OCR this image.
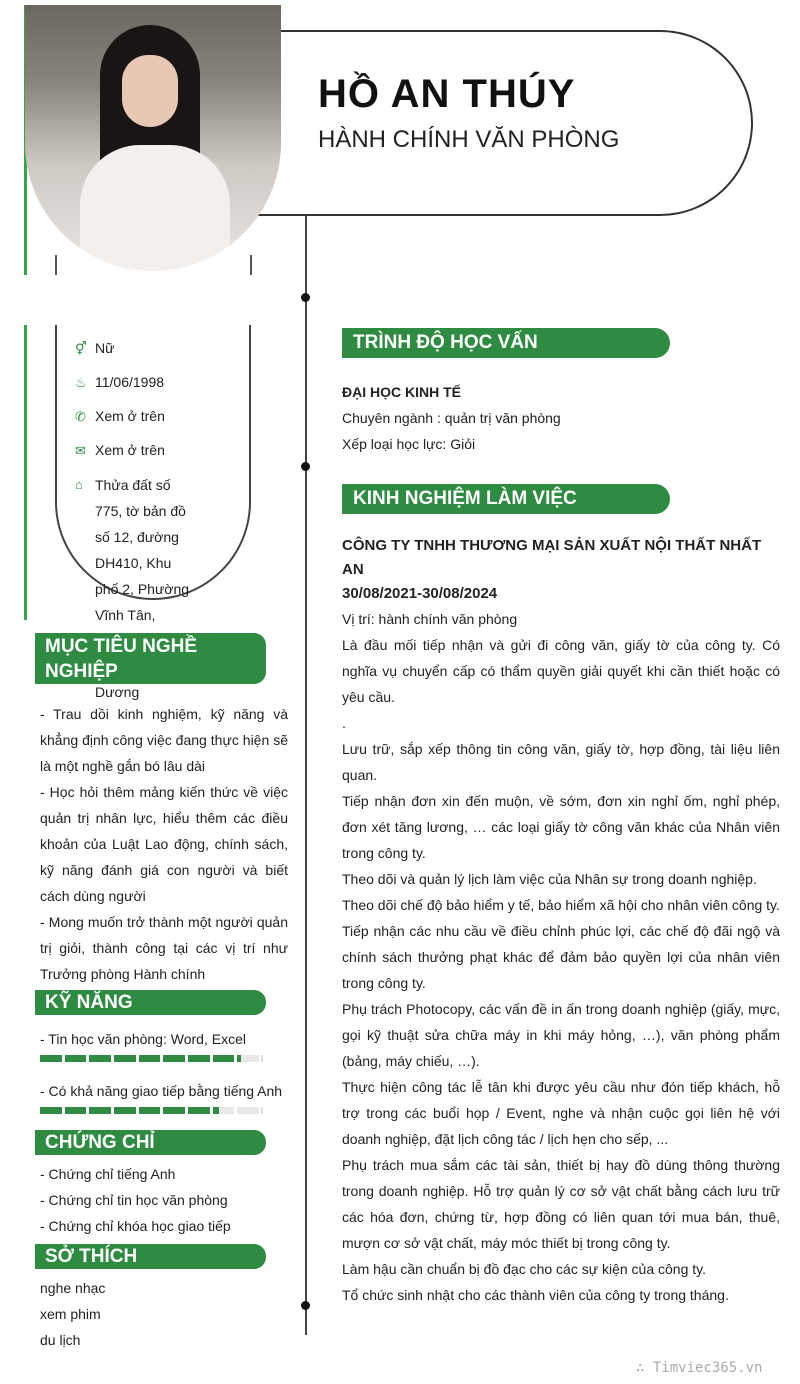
HỒ AN THÚY
HÀNH CHÍNH VĂN PHÒNG
⚥ Nữ
♨ 11/06/1998
✆ Xem ở trên
✉ Xem ở trên
⌂ Thửa đất số 775, tờ bản đồ số 12, đường DH410, Khu phố 2, Phường Vĩnh Tân,
Dương
MỤC TIÊU NGHỀ NGHIỆP
- Trau dồi kinh nghiệm, kỹ năng và khẳng định công việc đang thực hiện sẽ là một nghề gắn bó lâu dài
- Học hỏi thêm mảng kiến thức về việc quản trị nhân lực, hiểu thêm các điều khoản của Luật Lao động, chính sách, kỹ năng đánh giá con người và biết cách dùng người
- Mong muốn trở thành một người quản trị giỏi, thành công tại các vị trí như Trưởng phòng Hành chính
KỸ NĂNG
- Tin học văn phòng: Word, Excel
- Có khả năng giao tiếp bằng tiếng Anh
CHỨNG CHỈ
- Chứng chỉ tiếng Anh
- Chứng chỉ tin học văn phòng
- Chứng chỉ khóa học giao tiếp
SỞ THÍCH
nghe nhạc
xem phim
du lịch
TRÌNH ĐỘ HỌC VẤN
ĐẠI HỌC KINH TẾ
Chuyên ngành : quản trị văn phòng
Xếp loại học lực: Giỏi
KINH NGHIỆM LÀM VIỆC
CÔNG TY TNHH THƯƠNG MẠI SẢN XUẤT NỘI THẤT NHẤT AN
30/08/2021-30/08/2024
Vị trí: hành chính văn phòng
Là đầu mối tiếp nhận và gửi đi công văn, giấy tờ của công ty. Có nghĩa vụ chuyển cấp có thẩm quyền giải quyết khi cần thiết hoặc có yêu cầu.
.
Lưu trữ, sắp xếp thông tin công văn, giấy tờ, hợp đồng, tài liệu liên quan.
Tiếp nhận đơn xin đến muộn, về sớm, đơn xin nghỉ ốm, nghỉ phép, đơn xét tăng lương, … các loại giấy tờ công văn khác của Nhân viên trong công ty.
Theo dõi và quản lý lịch làm việc của Nhân sự trong doanh nghiệp.
Theo dõi chế độ bảo hiểm y tế, bảo hiểm xã hội cho nhân viên công ty.
Tiếp nhận các nhu cầu về điều chỉnh phúc lợi, các chế độ đãi ngộ và chính sách thưởng phạt khác để đảm bảo quyền lợi của nhân viên trong công ty.
Phụ trách Photocopy, các vấn đề in ấn trong doanh nghiệp (giấy, mực, gọi kỹ thuật sửa chữa máy in khi máy hỏng, …), văn phòng phẩm (bảng, máy chiếu, …).
Thực hiện công tác lễ tân khi được yêu cầu như đón tiếp khách, hỗ trợ trong các buổi họp / Event, nghe và nhận cuộc gọi liên hệ với doanh nghiệp, đặt lịch công tác / lịch hẹn cho sếp, ...
Phụ trách mua sắm các tài sản, thiết bị hay đồ dùng thông thường trong doanh nghiệp. Hỗ trợ quản lý cơ sở vật chất bằng cách lưu trữ các hóa đơn, chứng từ, hợp đồng có liên quan tới mua bán, thuê, mượn cơ sở vật chất, máy móc thiết bị trong công ty.
Làm hậu cần chuẩn bị đồ đạc cho các sự kiện của công ty.
Tổ chức sinh nhật cho các thành viên của công ty trong tháng.
∴ Timviec365.vn
